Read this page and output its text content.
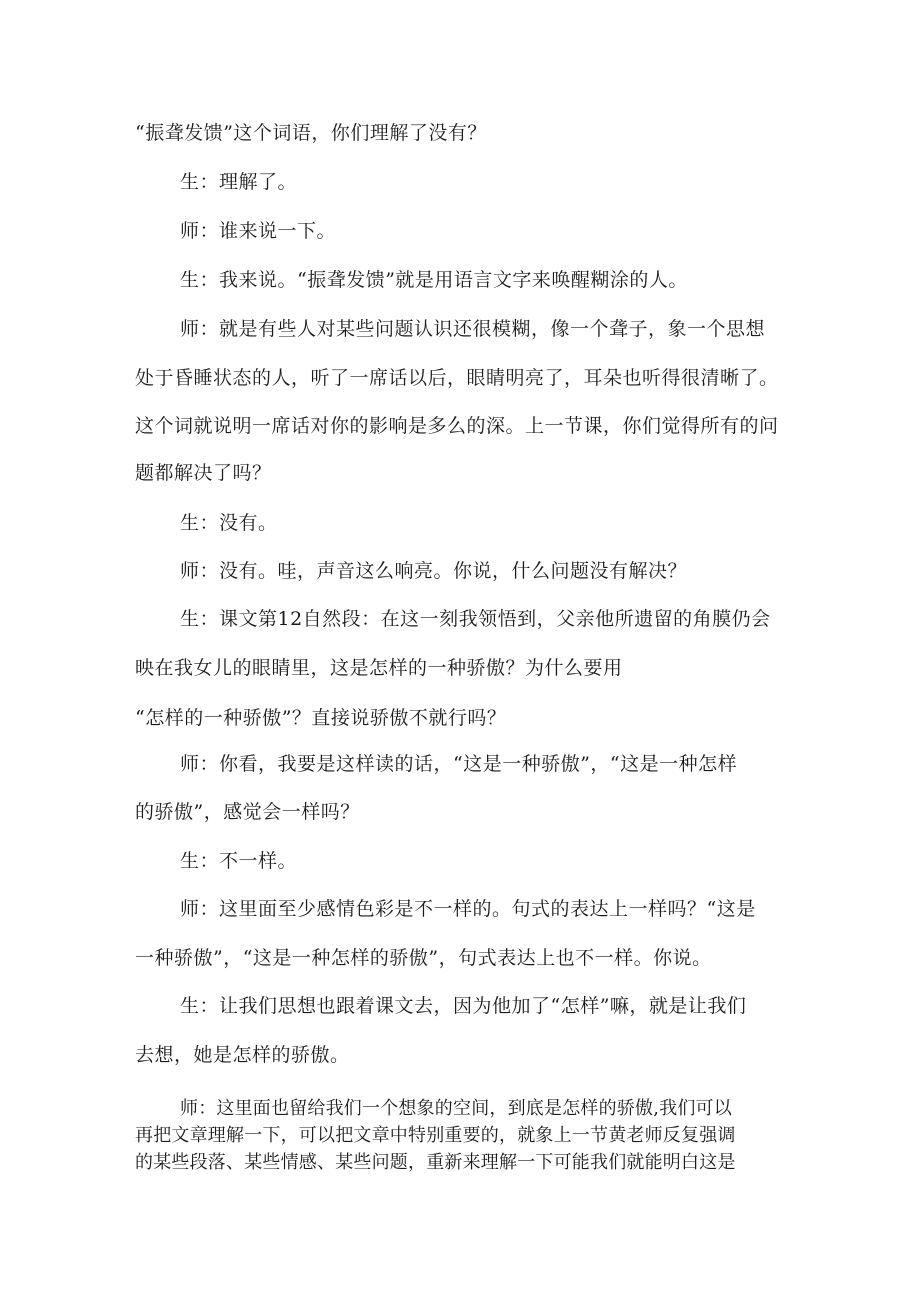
“振聋发馈”这个词语，你们理解了没有？
生：理解了。
师：谁来说一下。
生：我来说。“振聋发馈”就是用语言文字来唤醒糊涂的人。
师：就是有些人对某些问题认识还很模糊，像一个聋子，象一个思想
处于昏睡状态的人，听了一席话以后，眼睛明亮了，耳朵也听得很清晰了。
这个词就说明一席话对你的影响是多么的深。上一节课，你们觉得所有的问
题都解决了吗？
生：没有。
师：没有。哇，声音这么响亮。你说，什么问题没有解决？
生：课文第12自然段：在这一刻我领悟到，父亲他所遗留的角膜仍会
映在我女儿的眼睛里，这是怎样的一种骄傲？为什么要用
“怎样的一种骄傲”？直接说骄傲不就行吗？
师：你看，我要是这样读的话，“这是一种骄傲”，“这是一种怎样
的骄傲”，感觉会一样吗？
生：不一样。
师：这里面至少感情色彩是不一样的。句式的表达上一样吗？“这是
一种骄傲”，“这是一种怎样的骄傲”，句式表达上也不一样。你说。
生：让我们思想也跟着课文去，因为他加了“怎样”嘛，就是让我们
去想，她是怎样的骄傲。
师：这里面也留给我们一个想象的空间，到底是怎样的骄傲,我们可以
再把文章理解一下，可以把文章中特别重要的，就象上一节黄老师反复强调
的某些段落、某些情感、某些问题，重新来理解一下可能我们就能明白这是
